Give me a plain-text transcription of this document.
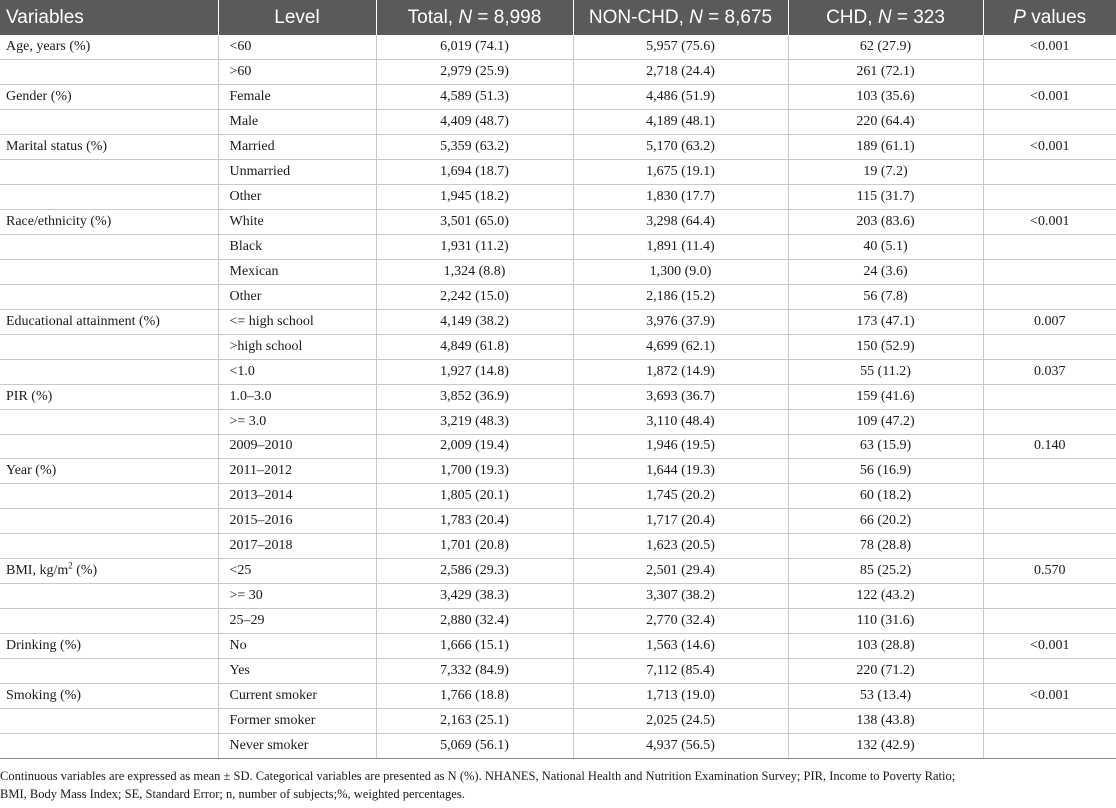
Variables	Level	Total, N = 8,998	NON-CHD, N = 8,675	CHD, N = 323	P values
Age, years (%)	<60	6,019 (74.1)	5,957 (75.6)	62 (27.9)	<0.001
	>60	2,979 (25.9)	2,718 (24.4)	261 (72.1)	
Gender (%)	Female	4,589 (51.3)	4,486 (51.9)	103 (35.6)	<0.001
	Male	4,409 (48.7)	4,189 (48.1)	220 (64.4)	
Marital status (%)	Married	5,359 (63.2)	5,170 (63.2)	189 (61.1)	<0.001
	Unmarried	1,694 (18.7)	1,675 (19.1)	19 (7.2)	
	Other	1,945 (18.2)	1,830 (17.7)	115 (31.7)	
Race/ethnicity (%)	White	3,501 (65.0)	3,298 (64.4)	203 (83.6)	<0.001
	Black	1,931 (11.2)	1,891 (11.4)	40 (5.1)	
	Mexican	1,324 (8.8)	1,300 (9.0)	24 (3.6)	
	Other	2,242 (15.0)	2,186 (15.2)	56 (7.8)	
Educational attainment (%)	<= high school	4,149 (38.2)	3,976 (37.9)	173 (47.1)	0.007
	>high school	4,849 (61.8)	4,699 (62.1)	150 (52.9)	
	<1.0	1,927 (14.8)	1,872 (14.9)	55 (11.2)	0.037
PIR (%)	1.0–3.0	3,852 (36.9)	3,693 (36.7)	159 (41.6)	
	>= 3.0	3,219 (48.3)	3,110 (48.4)	109 (47.2)	
	2009–2010	2,009 (19.4)	1,946 (19.5)	63 (15.9)	0.140
Year (%)	2011–2012	1,700 (19.3)	1,644 (19.3)	56 (16.9)	
	2013–2014	1,805 (20.1)	1,745 (20.2)	60 (18.2)	
	2015–2016	1,783 (20.4)	1,717 (20.4)	66 (20.2)	
	2017–2018	1,701 (20.8)	1,623 (20.5)	78 (28.8)	
BMI, $kg/m^2$ (%)	<25	2,586 (29.3)	2,501 (29.4)	85 (25.2)	0.570
	>= 30	3,429 (38.3)	3,307 (38.2)	122 (43.2)	
	25–29	2,880 (32.4)	2,770 (32.4)	110 (31.6)	
Drinking (%)	No	1,666 (15.1)	1,563 (14.6)	103 (28.8)	<0.001
	Yes	7,332 (84.9)	7,112 (85.4)	220 (71.2)	
Smoking (%)	Current smoker	1,766 (18.8)	1,713 (19.0)	53 (13.4)	<0.001
	Former smoker	2,163 (25.1)	2,025 (24.5)	138 (43.8)	
	Never smoker	5,069 (56.1)	4,937 (56.5)	132 (42.9)	
Continuous variables are expressed as mean ± SD. Categorical variables are presented as N (%). NHANES, National Health and Nutrition Examination Survey; PIR, Income to Poverty Ratio;
BMI, Body Mass Index; SE, Standard Error; n, number of subjects;%, weighted percentages.
